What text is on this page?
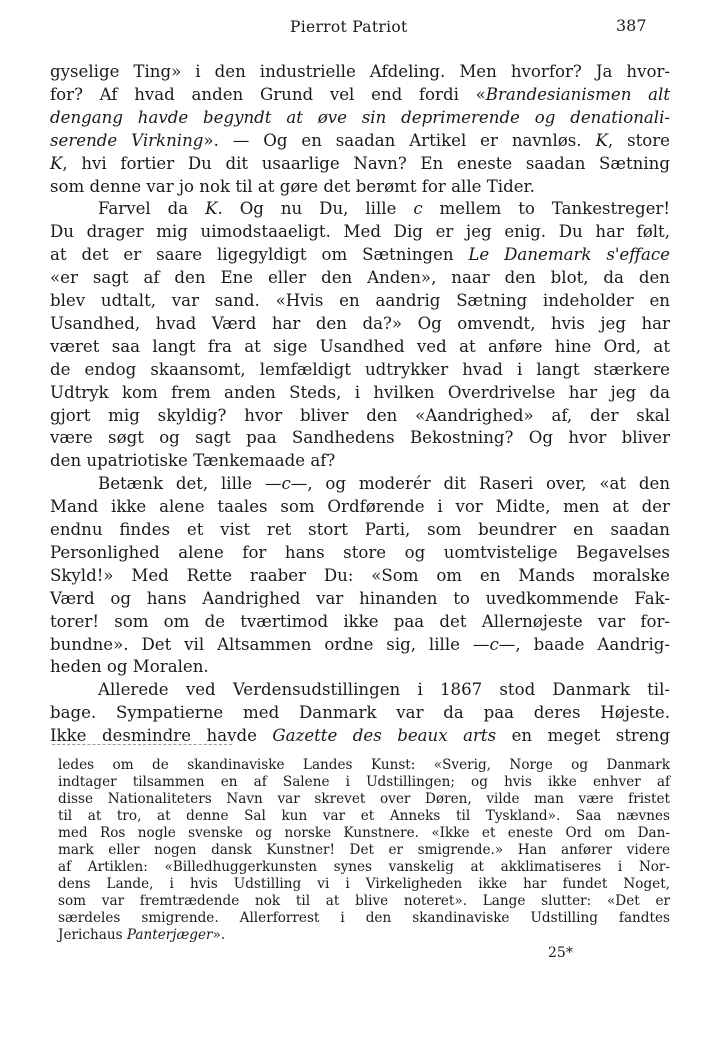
Pierrot Patriot	387
gyselige Ting» i den industrielle Afdeling. Men hvorfor? Ja hvor-
for? Af hvad anden Grund vel end fordi «Brandesianismen alt
dengang havde begyndt at øve sin deprimerende og denationali-
serende Virkning». — Og en saadan Artikel er navnløs. K, store
K, hvi fortier Du dit usaarlige Navn? En eneste saadan Sætning
som denne var jo nok til at gøre det berømt for alle Tider.
Farvel da K. Og nu Du, lille c mellem to Tankestreger!
Du drager mig uimodstaaeligt. Med Dig er jeg enig. Du har følt,
at det er saare ligegyldigt om Sætningen Le Danemark s'efface
«er sagt af den Ene eller den Anden», naar den blot, da den
blev udtalt, var sand. «Hvis en aandrig Sætning indeholder en
Usandhed, hvad Værd har den da?» Og omvendt, hvis jeg har
været saa langt fra at sige Usandhed ved at anføre hine Ord, at
de endog skaansomt, lemfældigt udtrykker hvad i langt stærkere
Udtryk kom frem anden Steds, i hvilken Overdrivelse har jeg da
gjort mig skyldig? hvor bliver den «Aandrighed» af, der skal
være søgt og sagt paa Sandhedens Bekostning? Og hvor bliver
den upatriotiske Tænkemaade af?
Betænk det, lille —c—, og moderér dit Raseri over, «at den
Mand ikke alene taales som Ordførende i vor Midte, men at der
endnu findes et vist ret stort Parti, som beundrer en saadan
Personlighed alene for hans store og uomtvistelige Begavelses
Skyld!» Med Rette raaber Du: «Som om en Mands moralske
Værd og hans Aandrighed var hinanden to uvedkommende Fak-
torer! som om de tværtimod ikke paa det Allernøjeste var for-
bundne». Det vil Altsammen ordne sig, lille —c—, baade Aandrig-
heden og Moralen.
Allerede ved Verdensudstillingen i 1867 stod Danmark til-
bage. Sympatierne med Danmark var da paa deres Højeste.
Ikke desmindre havde Gazette des beaux arts en meget streng
ledes om de skandinaviske Landes Kunst: «Sverig, Norge og Danmark
indtager tilsammen en af Salene i Udstillingen; og hvis ikke enhver af
disse Nationaliteters Navn var skrevet over Døren, vilde man være fristet
til at tro, at denne Sal kun var et Anneks til Tyskland». Saa nævnes
med Ros nogle svenske og norske Kunstnere. «Ikke et eneste Ord om Dan-
mark eller nogen dansk Kunstner! Det er smigrende.» Han anfører videre
af Artiklen: «Billedhuggerkunsten synes vanskelig at akklimatiseres i Nor-
dens Lande, i hvis Udstilling vi i Virkeligheden ikke har fundet Noget,
som var fremtrædende nok til at blive noteret». Lange slutter: «Det er
særdeles smigrende. Allerforrest i den skandinaviske Udstilling fandtes
Jerichaus Panterjæger».
25*
